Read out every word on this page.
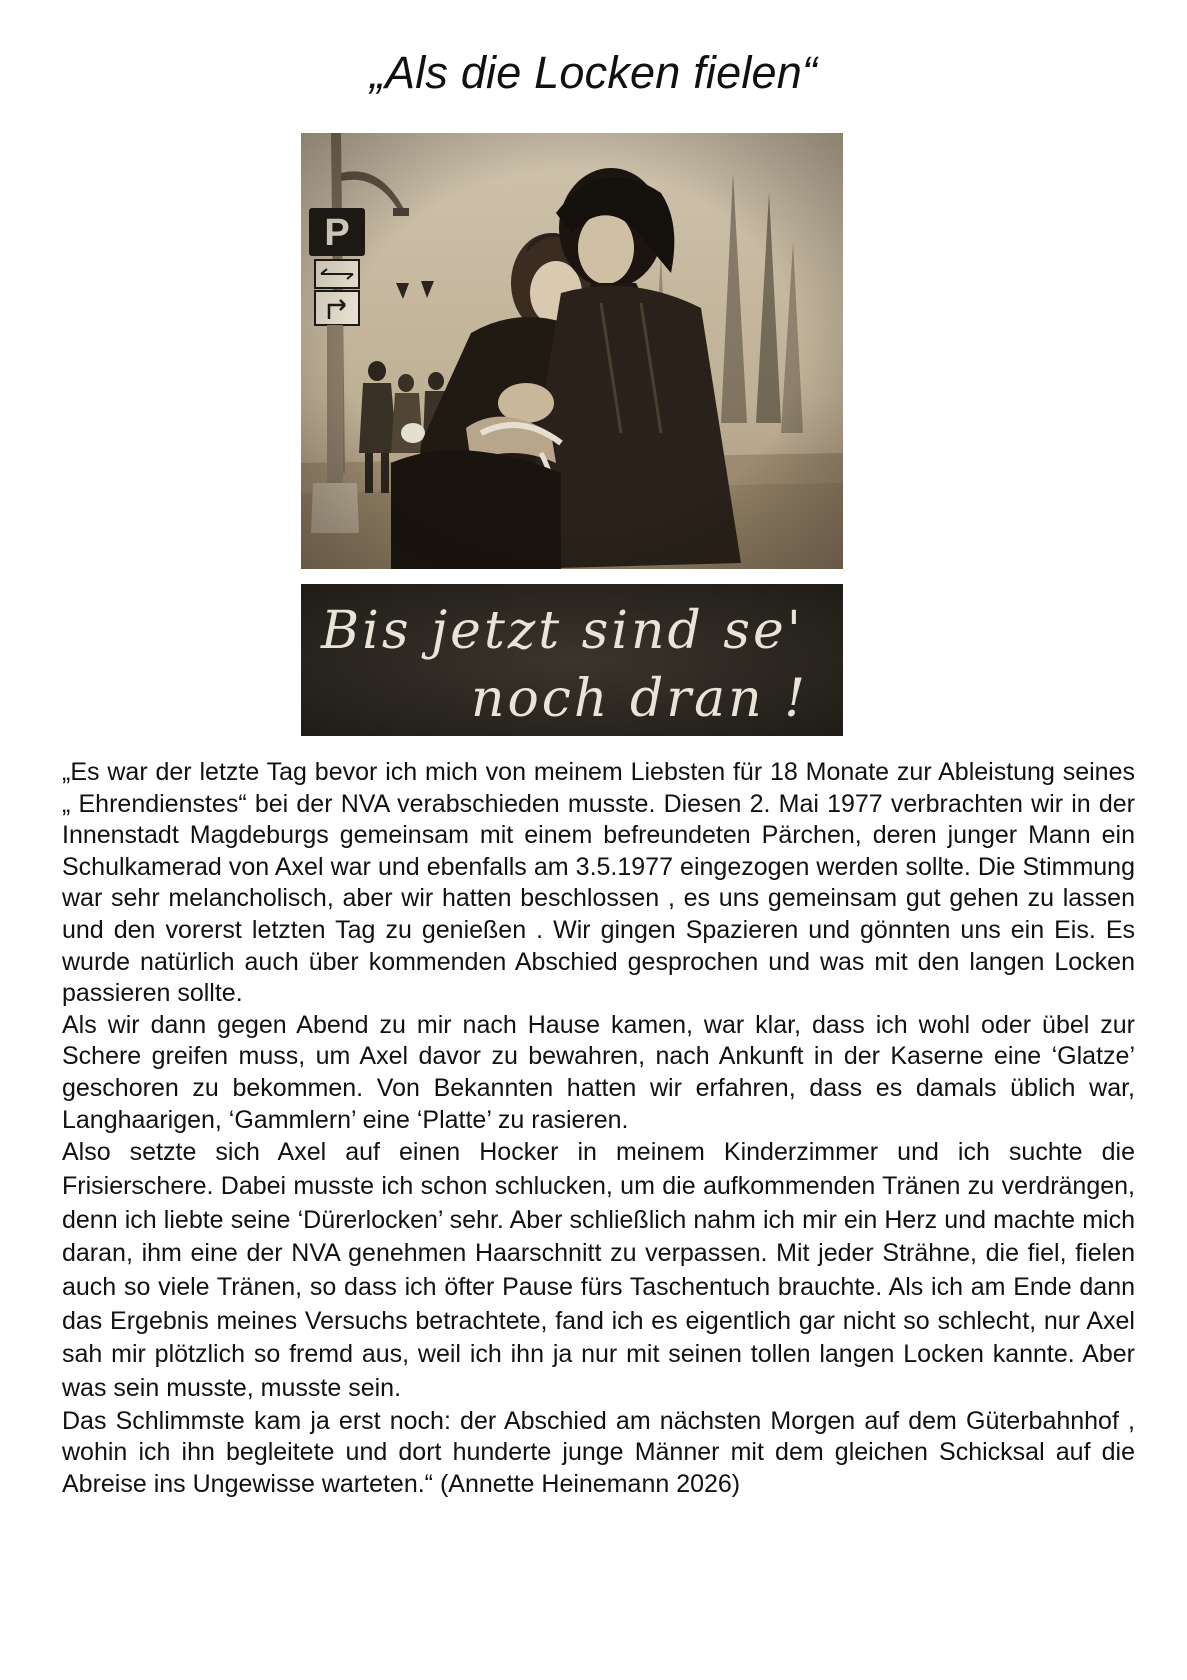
„Als die Locken fielen“
Bis jetzt sind se'
noch dran !

„Es war der letzte Tag bevor ich mich von meinem Liebsten für 18 Monate zur Ableistung seines „ Ehrendienstes“ bei der NVA verabschieden musste. Diesen 2. Mai 1977 verbrachten wir in der Innenstadt Magdeburgs gemeinsam mit einem befreundeten Pärchen, deren junger Mann ein Schulkamerad von Axel war und ebenfalls am 3.5.1977 eingezogen werden sollte. Die Stimmung war sehr melancholisch, aber wir hatten beschlossen , es uns gemeinsam gut gehen zu lassen und den vorerst letzten Tag zu genießen . Wir gingen Spazieren und gönnten uns ein Eis. Es wurde natürlich auch über kommenden Abschied gesprochen und was mit den langen Locken passieren sollte.

Als wir dann gegen Abend zu mir nach Hause kamen, war klar, dass ich wohl oder übel zur Schere greifen muss, um Axel davor zu bewahren, nach Ankunft in der Kaserne eine ‘Glatze’ geschoren zu bekommen. Von Bekannten hatten wir erfahren, dass es damals üblich war, Langhaarigen, ‘Gammlern’ eine ‘Platte’ zu rasieren.

Also setzte sich Axel auf einen Hocker in meinem Kinderzimmer und ich suchte die Frisierschere. Dabei musste ich schon schlucken, um die aufkommenden Tränen zu verdrängen, denn ich liebte seine ‘Dürerlocken’ sehr. Aber schließlich nahm ich mir ein Herz und machte mich daran, ihm eine der NVA genehmen Haarschnitt zu verpassen. Mit jeder Strähne, die fiel, fielen auch so viele Tränen, so dass ich öfter Pause fürs Taschentuch brauchte. Als ich am Ende dann das Ergebnis meines Versuchs betrachtete, fand ich es eigentlich gar nicht so schlecht, nur Axel sah mir plötzlich so fremd aus, weil ich ihn ja nur mit seinen tollen langen Locken kannte. Aber was sein musste, musste sein.

Das Schlimmste kam ja erst noch: der Abschied am nächsten Morgen auf dem Güterbahnhof , wohin ich ihn begleitete und dort hunderte junge Männer mit dem gleichen Schicksal auf die Abreise ins Ungewisse warteten.“ (Annette Heinemann 2026)
